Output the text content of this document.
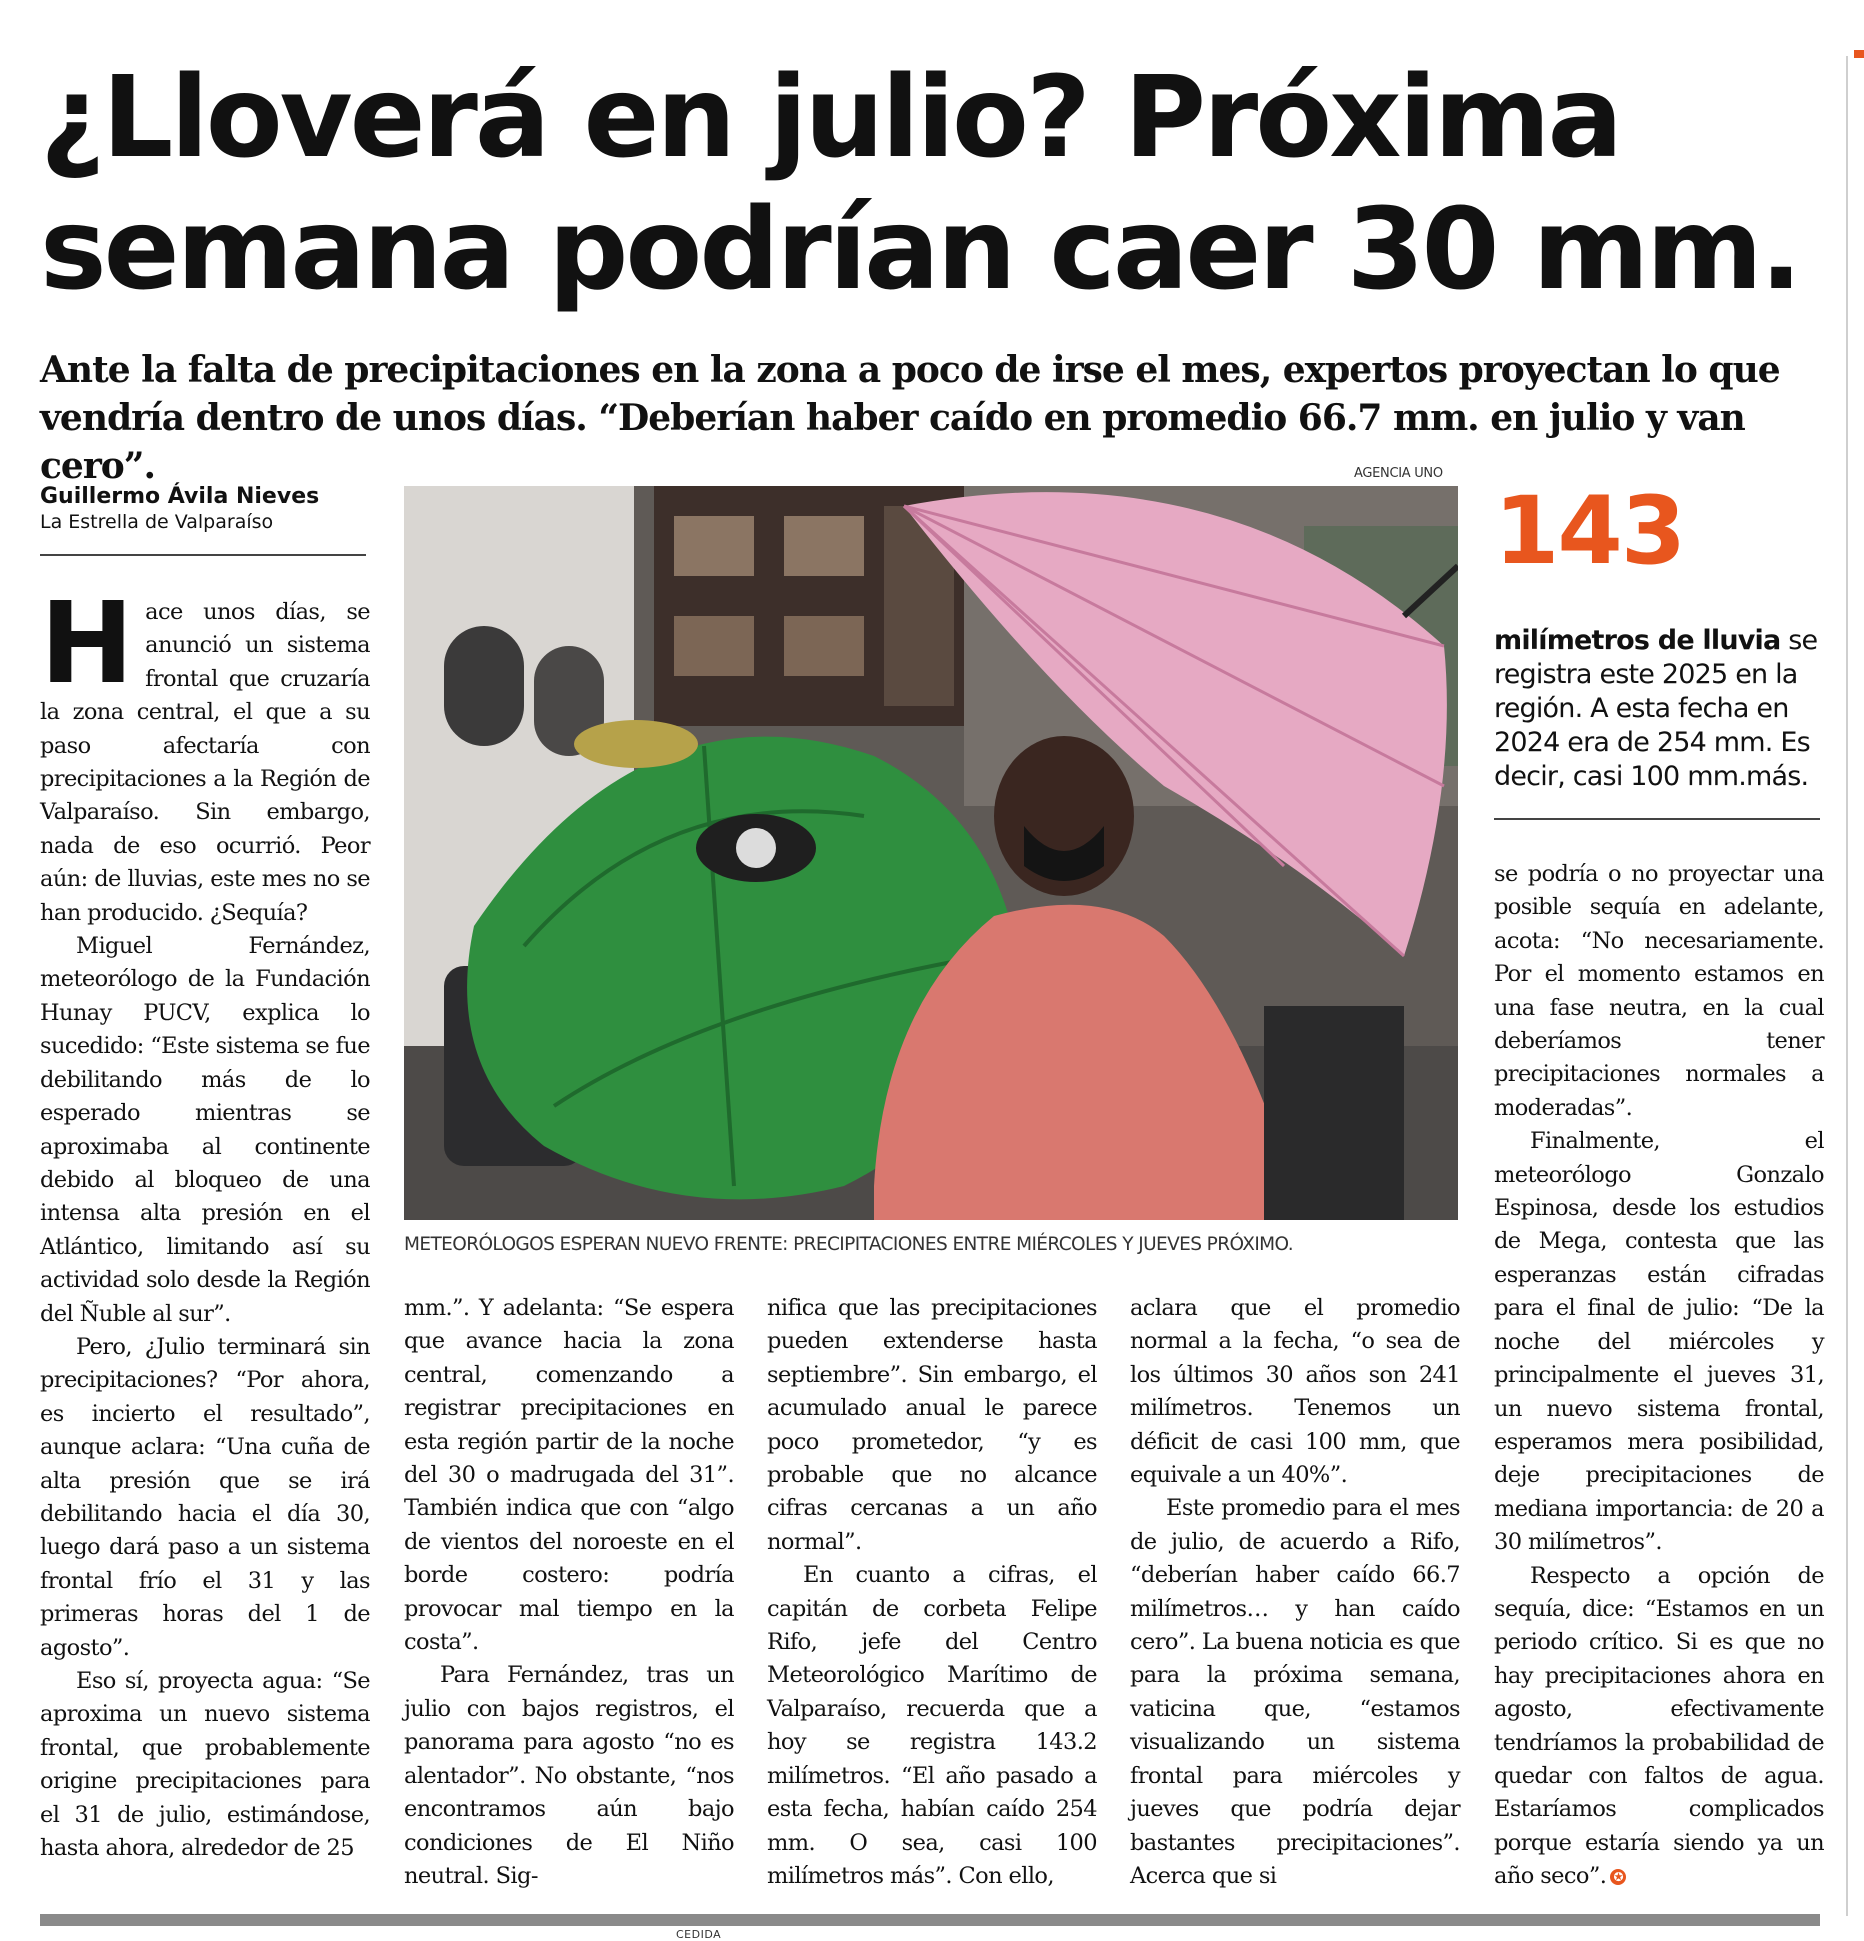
¿Lloverá en julio? Próxima semana podrían caer 30 mm.

Ante la falta de precipitaciones en la zona a poco de irse el mes, expertos proyectan lo que vendría dentro de unos días. “Deberían haber caído en promedio 66.7 mm. en julio y van cero”.

Guillermo Ávila Nieves
La Estrella de Valparaíso
AGENCIA UNO
METEORÓLOGOS ESPERAN NUEVO FRENTE: PRECIPITACIONES ENTRE MIÉRCOLES Y JUEVES PRÓXIMO.
143
milímetros de lluvia se registra este 2025 en la región. A esta fecha en 2024 era de 254 mm. Es decir, casi 100 mm.más.

Hace unos días, se anunció un sistema frontal que cruzaría la zona central, el que a su paso afectaría con precipitaciones a la Región de Valparaíso. Sin embargo, nada de eso ocurrió. Peor aún: de lluvias, este mes no se han producido. ¿Sequía?

Miguel Fernández, meteorólogo de la Fundación Hunay PUCV, explica lo sucedido: “Este sistema se fue debilitando más de lo esperado mientras se aproximaba al continente debido al bloqueo de una intensa alta presión en el Atlántico, limitando así su actividad solo desde la Región del Ñuble al sur”.

Pero, ¿Julio terminará sin precipitaciones? “Por ahora, es incierto el resultado”, aunque aclara: “Una cuña de alta presión que se irá debilitando hacia el día 30, luego dará paso a un sistema frontal frío el 31 y las primeras horas del 1 de agosto”.

Eso sí, proyecta agua: “Se aproxima un nuevo sistema frontal, que probablemente origine precipitaciones para el 31 de julio, estimándose, hasta ahora, alrededor de 25

mm.”. Y adelanta: “Se espera que avance hacia la zona central, comenzando a registrar precipitaciones en esta región partir de la noche del 30 o madrugada del 31”. También indica que con “algo de vientos del noroeste en el borde costero: podría provocar mal tiempo en la costa”.

Para Fernández, tras un julio con bajos registros, el panorama para agosto “no es alentador”. No obstante, “nos encontramos aún bajo condiciones de El Niño neutral. Sig-

nifica que las precipitaciones pueden extenderse hasta septiembre”. Sin embargo, el acumulado anual le parece poco prometedor, “y es probable que no alcance cifras cercanas a un año normal”.

En cuanto a cifras, el capitán de corbeta Felipe Rifo, jefe del Centro Meteorológico Marítimo de Valparaíso, recuerda que a hoy se registra 143.2 milímetros. “El año pasado a esta fecha, habían caído 254 mm. O sea, casi 100 milímetros más”. Con ello,

aclara que el promedio normal a la fecha, “o sea de los últimos 30 años son 241 milímetros. Tenemos un déficit de casi 100 mm, que equivale a un 40%”.

Este promedio para el mes de julio, de acuerdo a Rifo, “deberían haber caído 66.7 milímetros… y han caído cero”. La buena noticia es que para la próxima semana, vaticina que, “estamos visualizando un sistema frontal para miércoles y jueves que podría dejar bastantes precipitaciones”. Acerca que si

se podría o no proyectar una posible sequía en adelante, acota: “No necesariamente. Por el momento estamos en una fase neutra, en la cual deberíamos tener precipitaciones normales a moderadas”.

Finalmente, el meteorólogo Gonzalo Espinosa, desde los estudios de Mega, contesta que las esperanzas están cifradas para el final de julio: “De la noche del miércoles y principalmente el jueves 31, un nuevo sistema frontal, esperamos mera posibilidad, deje precipitaciones de mediana importancia: de 20 a 30 milímetros”.

Respecto a opción de sequía, dice: “Estamos en un periodo crítico. Si es que no hay precipitaciones ahora en agosto, efectivamente tendríamos la probabilidad de quedar con faltos de agua. Estaríamos complicados porque estaría siendo ya un año seco”. ✪

CEDIDA
